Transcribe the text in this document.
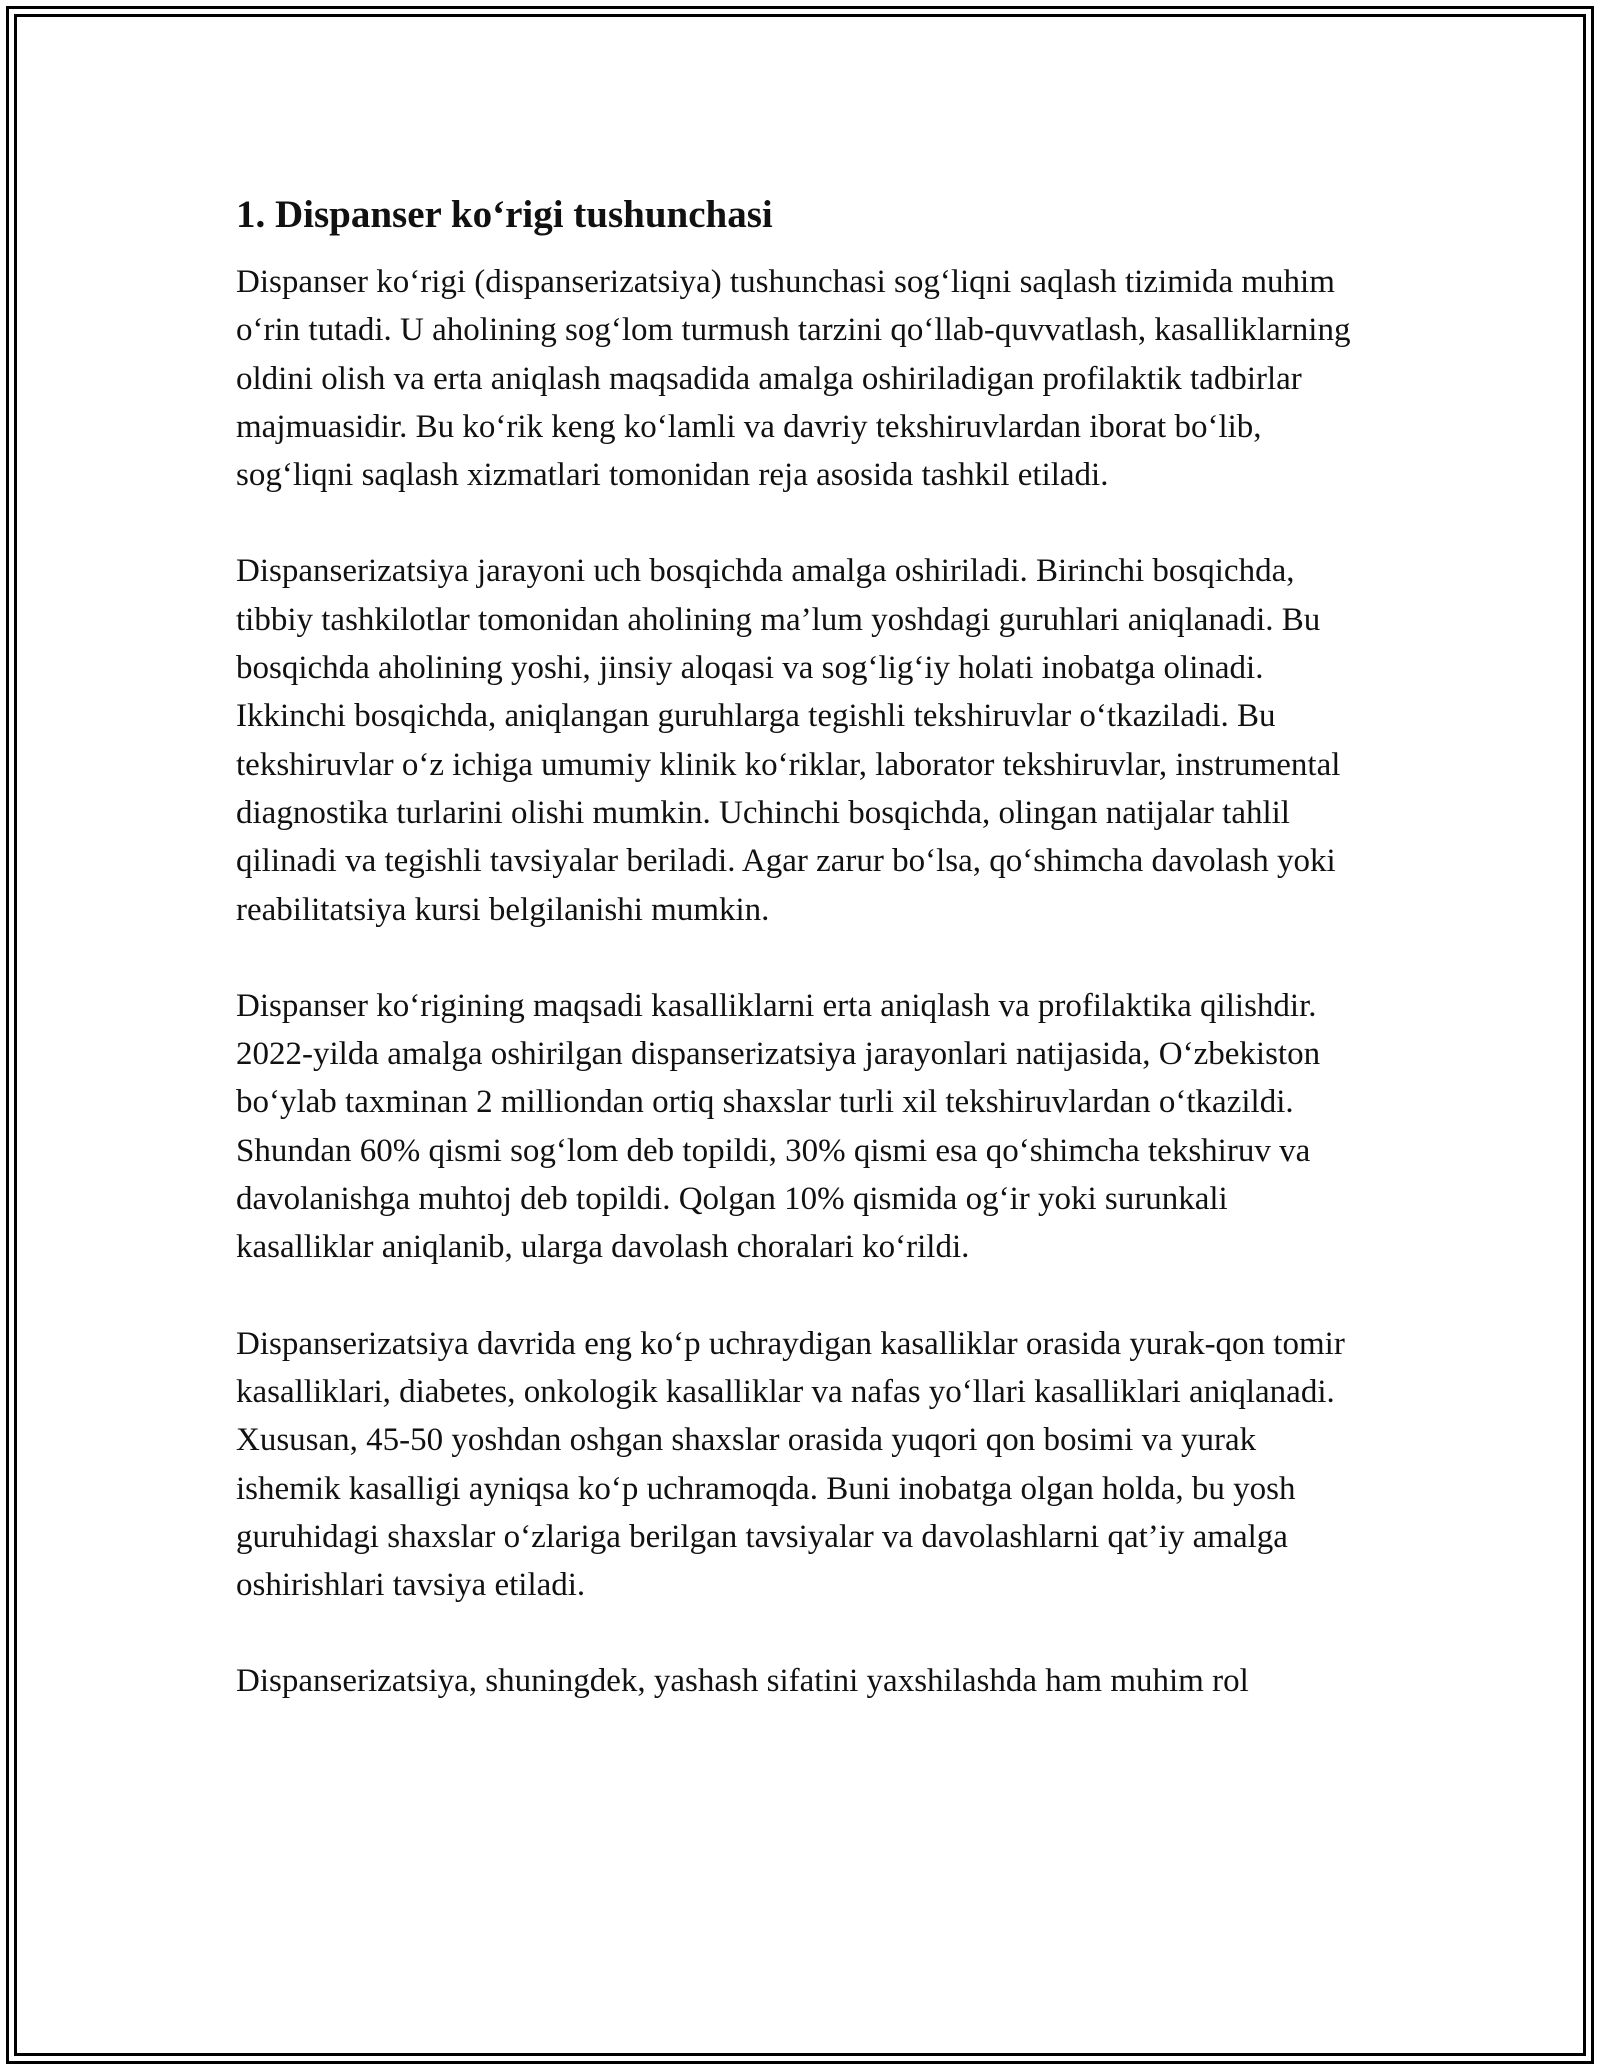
1. Dispanser ko‘rigi tushunchasi

Dispanser ko‘rigi (dispanserizatsiya) tushunchasi sog‘liqni saqlash tizimida muhim o‘rin tutadi. U aholining sog‘lom turmush tarzini qo‘llab-quvvatlash, kasalliklarning oldini olish va erta aniqlash maqsadida amalga oshiriladigan profilaktik tadbirlar majmuasidir. Bu ko‘rik keng ko‘lamli va davriy tekshiruvlardan iborat bo‘lib, sog‘liqni saqlash xizmatlari tomonidan reja asosida tashkil etiladi.

Dispanserizatsiya jarayoni uch bosqichda amalga oshiriladi. Birinchi bosqichda, tibbiy tashkilotlar tomonidan aholining ma’lum yoshdagi guruhlari aniqlanadi. Bu bosqichda aholining yoshi, jinsiy aloqasi va sog‘lig‘iy holati inobatga olinadi. Ikkinchi bosqichda, aniqlangan guruhlarga tegishli tekshiruvlar o‘tkaziladi. Bu tekshiruvlar o‘z ichiga umumiy klinik ko‘riklar, laborator tekshiruvlar, instrumental diagnostika turlarini olishi mumkin. Uchinchi bosqichda, olingan natijalar tahlil qilinadi va tegishli tavsiyalar beriladi. Agar zarur bo‘lsa, qo‘shimcha davolash yoki reabilitatsiya kursi belgilanishi mumkin.

Dispanser ko‘rigining maqsadi kasalliklarni erta aniqlash va profilaktika qilishdir. 2022-yilda amalga oshirilgan dispanserizatsiya jarayonlari natijasida, O‘zbekiston bo‘ylab taxminan 2 milliondan ortiq shaxslar turli xil tekshiruvlardan o‘tkazildi. Shundan 60% qismi sog‘lom deb topildi, 30% qismi esa qo‘shimcha tekshiruv va davolanishga muhtoj deb topildi. Qolgan 10% qismida og‘ir yoki surunkali kasalliklar aniqlanib, ularga davolash choralari ko‘rildi.

Dispanserizatsiya davrida eng ko‘p uchraydigan kasalliklar orasida yurak-qon tomir kasalliklari, diabetes, onkologik kasalliklar va nafas yo‘llari kasalliklari aniqlanadi. Xususan, 45-50 yoshdan oshgan shaxslar orasida yuqori qon bosimi va yurak ishemik kasalligi ayniqsa ko‘p uchramoqda. Buni inobatga olgan holda, bu yosh guruhidagi shaxslar o‘zlariga berilgan tavsiyalar va davolashlarni qat’iy amalga oshirishlari tavsiya etiladi.

Dispanserizatsiya, shuningdek, yashash sifatini yaxshilashda ham muhim rol
